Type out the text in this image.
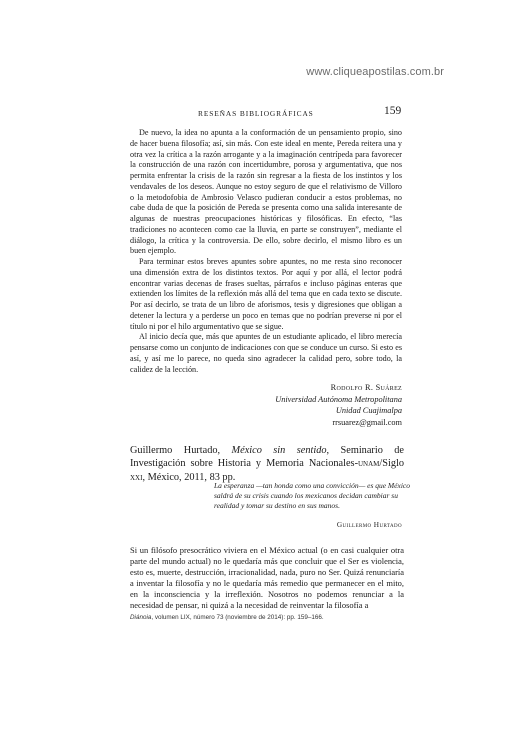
www.cliqueapostilas.com.br
RESEÑAS BIBLIOGRÁFICAS	159

De nuevo, la idea no apunta a la conformación de un pensamiento propio, sino de hacer buena filosofía; así, sin más. Con este ideal en mente, Pereda reitera una y otra vez la crítica a la razón arrogante y a la imaginación centrípeda para favorecer la construcción de una razón con incertidumbre, porosa y argumentativa, que nos permita enfrentar la crisis de la razón sin regresar a la fiesta de los instintos y los vendavales de los deseos. Aunque no estoy seguro de que el relativismo de Villoro o la metodofobia de Ambrosio Velasco pudieran conducir a estos problemas, no cabe duda de que la posición de Pereda se presenta como una salida interesante de algunas de nuestras preocupaciones históricas y filosóficas. En efecto, “las tradiciones no acontecen como cae la lluvia, en parte se construyen”, mediante el diálogo, la crítica y la controversia. De ello, sobre decirlo, el mismo libro es un buen ejemplo.

Para terminar estos breves apuntes sobre apuntes, no me resta sino reconocer una dimensión extra de los distintos textos. Por aquí y por allá, el lector podrá encontrar varias decenas de frases sueltas, párrafos e incluso páginas enteras que extienden los límites de la reflexión más allá del tema que en cada texto se discute. Por así decirlo, se trata de un libro de aforismos, tesis y digresiones que obligan a detener la lectura y a perderse un poco en temas que no podrían preverse ni por el título ni por el hilo argumentativo que se sigue.

Al inicio decía que, más que apuntes de un estudiante aplicado, el libro merecía pensarse como un conjunto de indicaciones con que se conduce un curso. Si esto es así, y así me lo parece, no queda sino agradecer la calidad pero, sobre todo, la calidez de la lección.

Rodolfo R. Suárez
Universidad Autónoma Metropolitana
Unidad Cuajimalpa
rrsuarez@gmail.com
Guillermo Hurtado, México sin sentido, Seminario de Investigación sobre Historia y Memoria Nacionales-unam/Siglo xxi, México, 2011, 83 pp.
La esperanza —tan honda como una convicción— es que México saldrá de su crisis cuando los mexicanos decidan cambiar su realidad y tomar su destino en sus manos.
Guillermo Hurtado

Si un filósofo presocrático viviera en el México actual (o en casi cualquier otra parte del mundo actual) no le quedaría más que concluir que el Ser es violencia, esto es, muerte, destrucción, irracionalidad, nada, puro no Ser. Quizá renunciaría a inventar la filosofía y no le quedaría más remedio que permanecer en el mito, en la inconsciencia y la irreflexión. Nosotros no podemos renunciar a la necesidad de pensar, ni quizá a la necesidad de reinventar la filosofía a

Diánoia, volumen LIX, número 73 (noviembre de 2014): pp. 159–166.
